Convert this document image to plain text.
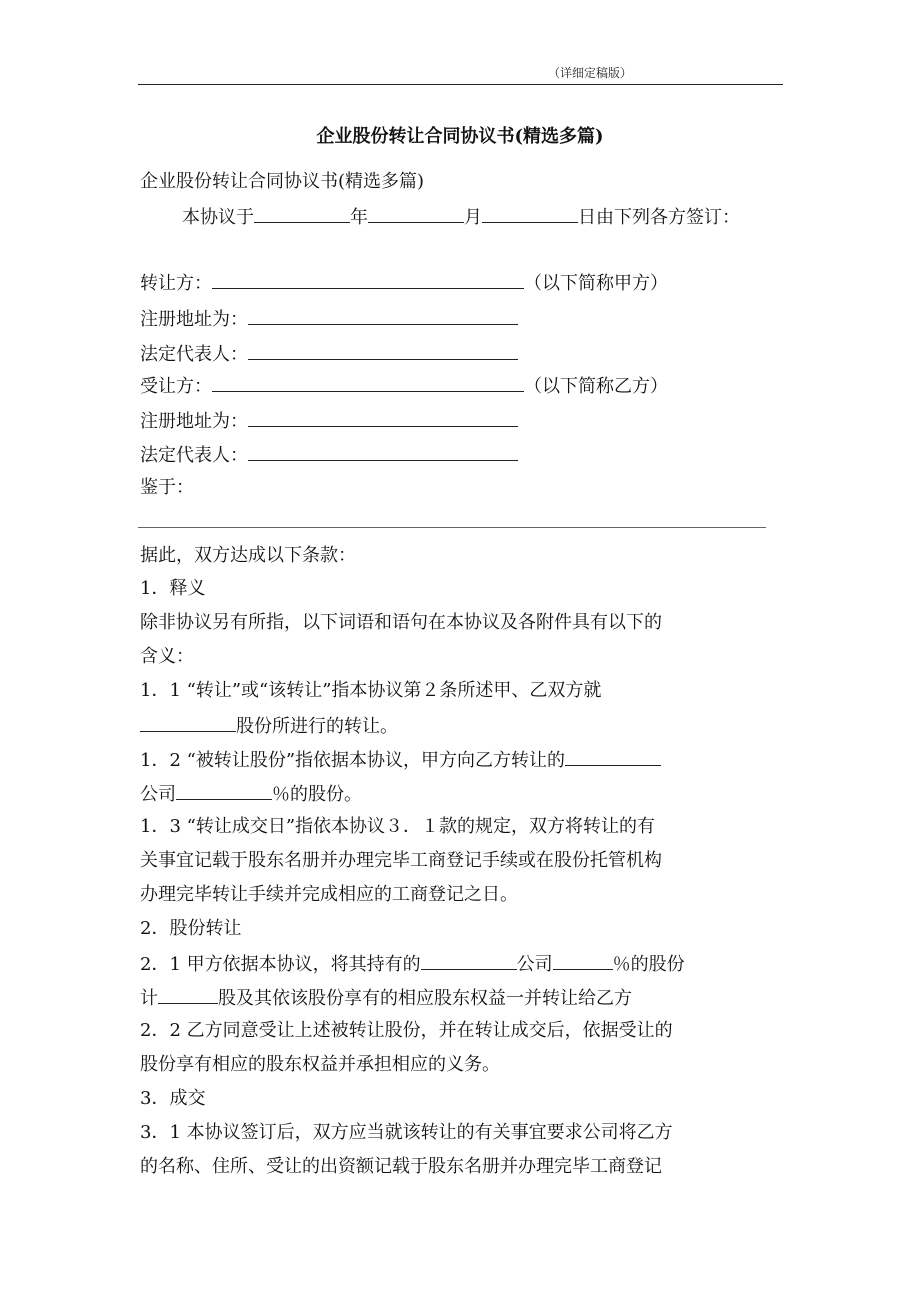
（详细定稿版）
企业股份转让合同协议书(精选多篇)
企业股份转让合同协议书(精选多篇)
本协议于	年	月	日由下列各方签订：
转让方：	（以下简称甲方）
注册地址为：
法定代表人：
受让方：	（以下简称乙方）
注册地址为：
法定代表人：
鉴于：
据此，双方达成以下条款：
1．释义
除非协议另有所指，以下词语和语句在本协议及各附件具有以下的
含义：
1．1 “转让”或“该转让”指本协议第２条所述甲、乙双方就
股份所进行的转让。
1．2 “被转让股份”指依据本协议，甲方向乙方转让的
公司	％的股份。
1．3 “转让成交日”指依本协议３．１款的规定，双方将转让的有
关事宜记载于股东名册并办理完毕工商登记手续或在股份托管机构
办理完毕转让手续并完成相应的工商登记之日。
2．股份转让
2．1 甲方依据本协议，将其持有的	公司	％的股份
计	股及其依该股份享有的相应股东权益一并转让给乙方
2．2 乙方同意受让上述被转让股份，并在转让成交后，依据受让的
股份享有相应的股东权益并承担相应的义务。
3．成交
3．1 本协议签订后，双方应当就该转让的有关事宜要求公司将乙方
的名称、住所、受让的出资额记载于股东名册并办理完毕工商登记
